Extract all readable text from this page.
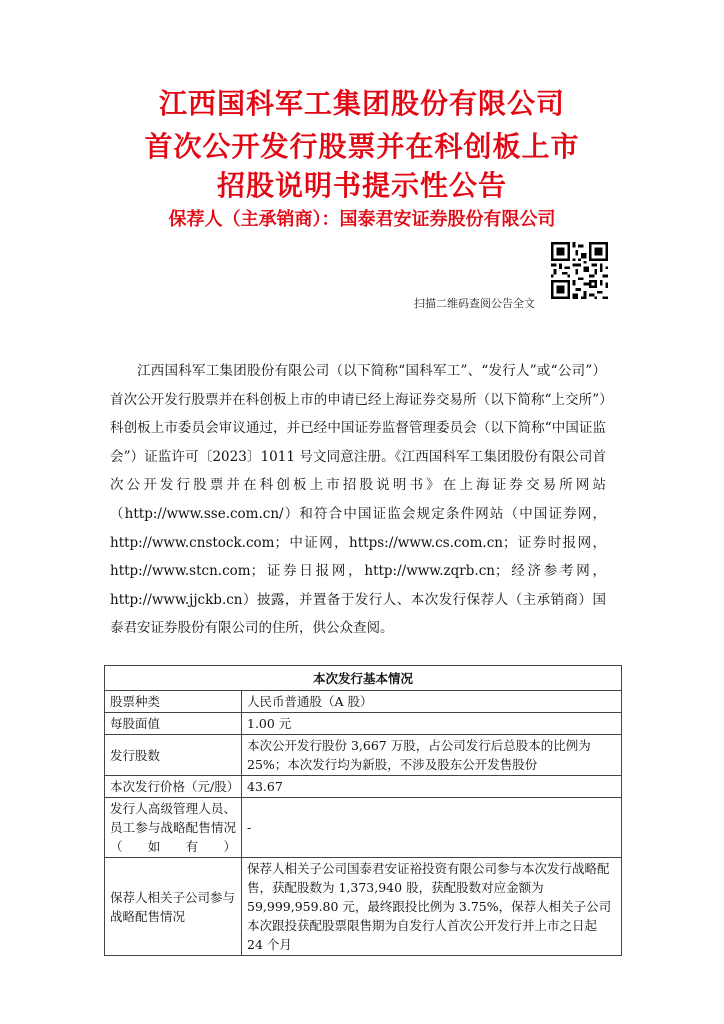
江西国科军工集团股份有限公司
首次公开发行股票并在科创板上市
招股说明书提示性公告
保荐人（主承销商）：国泰君安证券股份有限公司
扫描二维码查阅公告全文

江西国科军工集团股份有限公司（以下简称“国科军工”、“发行人”或“公司”）首次公开发行股票并在科创板上市的申请已经上海证券交易所（以下简称“上交所”）科创板上市委员会审议通过，并已经中国证券监督管理委员会（以下简称“中国证监会”）证监许可〔2023〕1011 号文同意注册。《江西国科军工集团股份有限公司首次公开发行股票并在科创板上市招股说明书》在上海证券交易所网站（http://www.sse.com.cn/）和符合中国证监会规定条件网站（中国证券网，http://www.cnstock.com；中证网，https://www.cs.com.cn；证券时报网，http://www.stcn.com；证券日报网，http://www.zqrb.cn；经济参考网，http://www.jjckb.cn）披露，并置备于发行人、本次发行保荐人（主承销商）国泰君安证券股份有限公司的住所，供公众查阅。

本次发行基本情况	
股票种类	人民币普通股（A 股）
每股面值	1.00 元
发行股数	本次公开发行股份 3,667 万股，占公司发行后总股本的比例为 25%；本次发行均为新股，不涉及股东公开发售股份
本次发行价格（元/股）	43.67
发行人高级管理人员、员工参与战略配售情况（如有）	-
保荐人相关子公司参与战略配售情况	保荐人相关子公司国泰君安证裕投资有限公司参与本次发行战略配售，获配股数为 1,373,940 股，获配股数对应金额为 59,999,959.80 元，最终跟投比例为 3.75%，保荐人相关子公司本次跟投获配股票限售期为自发行人首次公开发行并上市之日起 24 个月
